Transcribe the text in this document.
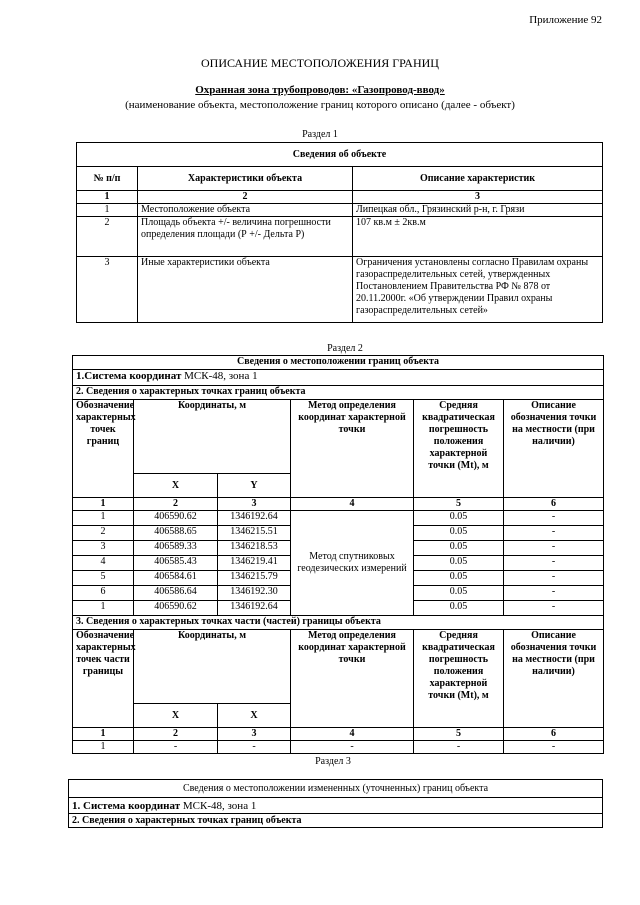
Приложение 92
ОПИСАНИЕ МЕСТОПОЛОЖЕНИЯ ГРАНИЦ
Охранная зона трубопроводов: «Газопровод-ввод»
(наименование объекта, местоположение границ которого описано (далее - объект)
Раздел 1
Сведения об объекте		
№ п/п	Характеристики объекта	Описание характеристик
1	2	3
1	Местоположение объекта	Липецкая обл., Грязинский р-н, г. Грязи
2	Площадь объекта +/- величина погрешности определения площади (Р +/- Дельта Р)	107 кв.м ± 2кв.м
3	Иные характеристики объекта	Ограничения установлены согласно Правилам охраны газораспределительных сетей, утвержденных Постановлением Правительства РФ № 878 от 20.11.2000г. «Об утверждении Правил охраны газораспределительных сетей»
Раздел 2
Сведения о местоположении границ объекта					
1.Система координат МСК-48, зона 1					
2. Сведения о характерных точках границ объекта					
Обозначение характерных точек границ	Координаты, м		Метод определения координат характерной точки	Средняя квадратическая погрешность положения характерной точки (Mt), м	Описание обозначения точки на местности (при наличии)
	X	Y			
1	2	3	4	5	6
1	406590.62	1346192.64	Метод спутниковых геодезических измерений	0.05	-
2	406588.65	1346215.51		0.05	-
3	406589.33	1346218.53		0.05	-
4	406585.43	1346219.41		0.05	-
5	406584.61	1346215.79		0.05	-
6	406586.64	1346192.30		0.05	-
1	406590.62	1346192.64		0.05	-
3. Сведения о характерных точках части (частей) границы объекта					
Обозначение характерных точек части границы	Координаты, м		Метод определения координат характерной точки	Средняя квадратическая погрешность положения характерной точки (Mt), м	Описание обозначения точки на местности (при наличии)
	X	X			
1	2	3	4	5	6
1	-	-	-	-	-
Раздел 3
Сведения о местоположении измененных (уточненных) границ объекта
1. Система координат МСК-48, зона 1
2. Сведения о характерных точках границ объекта
